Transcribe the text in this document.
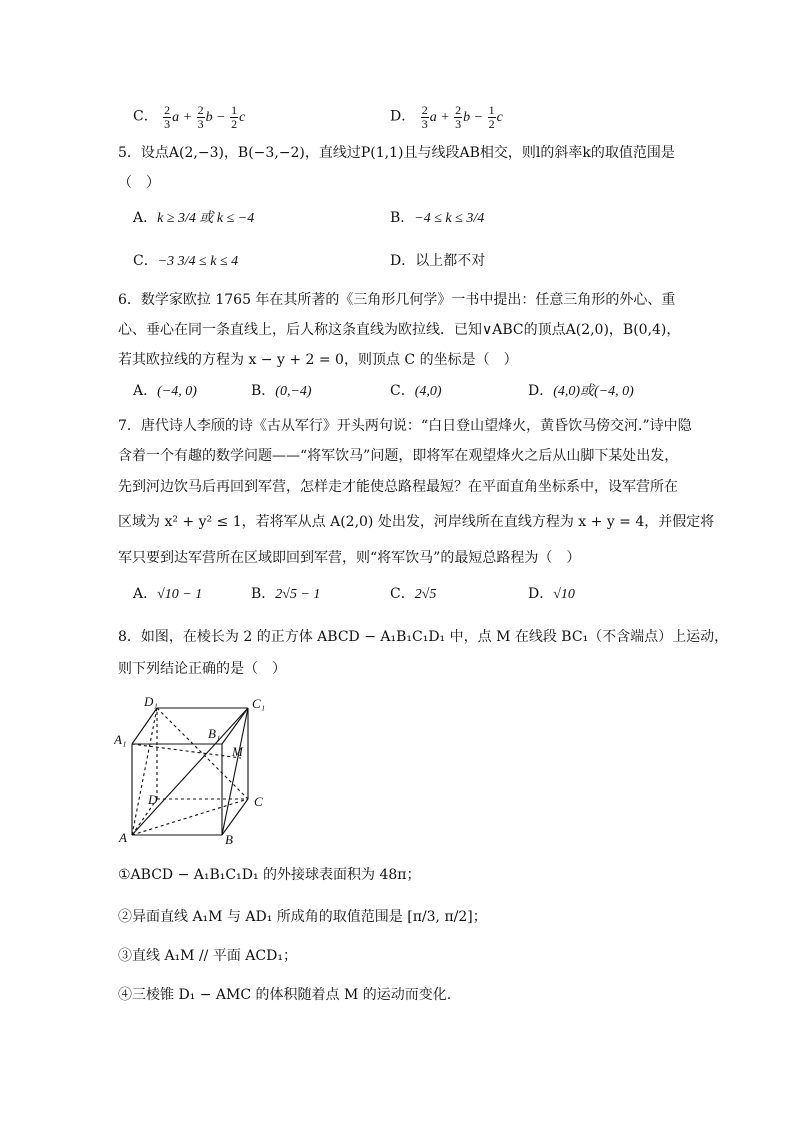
C． $\frac{2}{3}$ $a + \frac{2}{3}$ $b - \frac{1}{2}$ c	D． $\frac{2}{3}$ $a + \frac{2}{3}$ $b - \frac{1}{2}$ c
5．设点A(2,−3)，B(−3,−2)，直线过P(1,1)且与线段AB相交，则l的斜率k的取值范围是
（　）
A．k ≥ 3/4 或 k ≤ −4	B．−4 ≤ k ≤ 3/4
C．−3 3/4 ≤ k ≤ 4	D．以上都不对
6．数学家欧拉 1765 年在其所著的《三角形几何学》一书中提出：任意三角形的外心、重
心、垂心在同一条直线上，后人称这条直线为欧拉线．已知∨ABC的顶点A(2,0)，B(0,4)，
若其欧拉线的方程为 x − y + 2 = 0，则顶点 C 的坐标是（　）
A．(−4, 0)	B．(0,−4)	C．(4,0)	D．(4,0)或(−4, 0)
7．唐代诗人李颀的诗《古从军行》开头两句说：“白日登山望烽火，黄昏饮马傍交河.”诗中隐
含着一个有趣的数学问题——“将军饮马”问题，即将军在观望烽火之后从山脚下某处出发，
先到河边饮马后再回到军营，怎样走才能使总路程最短？在平面直角坐标系中，设军营所在
区域为 x² + y² ≤ 1，若将军从点 A(2,0) 处出发，河岸线所在直线方程为 x + y = 4，并假定将
军只要到达军营所在区域即回到军营，则“将军饮马”的最短总路程为（　）
A．√10 − 1	B．2√5 − 1	C．2√5	D．√10
8．如图，在棱长为 2 的正方体 ABCD − A₁B₁C₁D₁ 中，点 M 在线段 BC₁（不含端点）上运动，
则下列结论正确的是（　）
D₁	C₁
A₁	B₁
M
D	C
A	B
①ABCD − A₁B₁C₁D₁ 的外接球表面积为 48π；
②异面直线 A₁M 与 AD₁ 所成角的取值范围是 [π/3, π/2]；
③直线 A₁M // 平面 ACD₁；
④三棱锥 D₁ − AMC 的体积随着点 M 的运动而变化.
